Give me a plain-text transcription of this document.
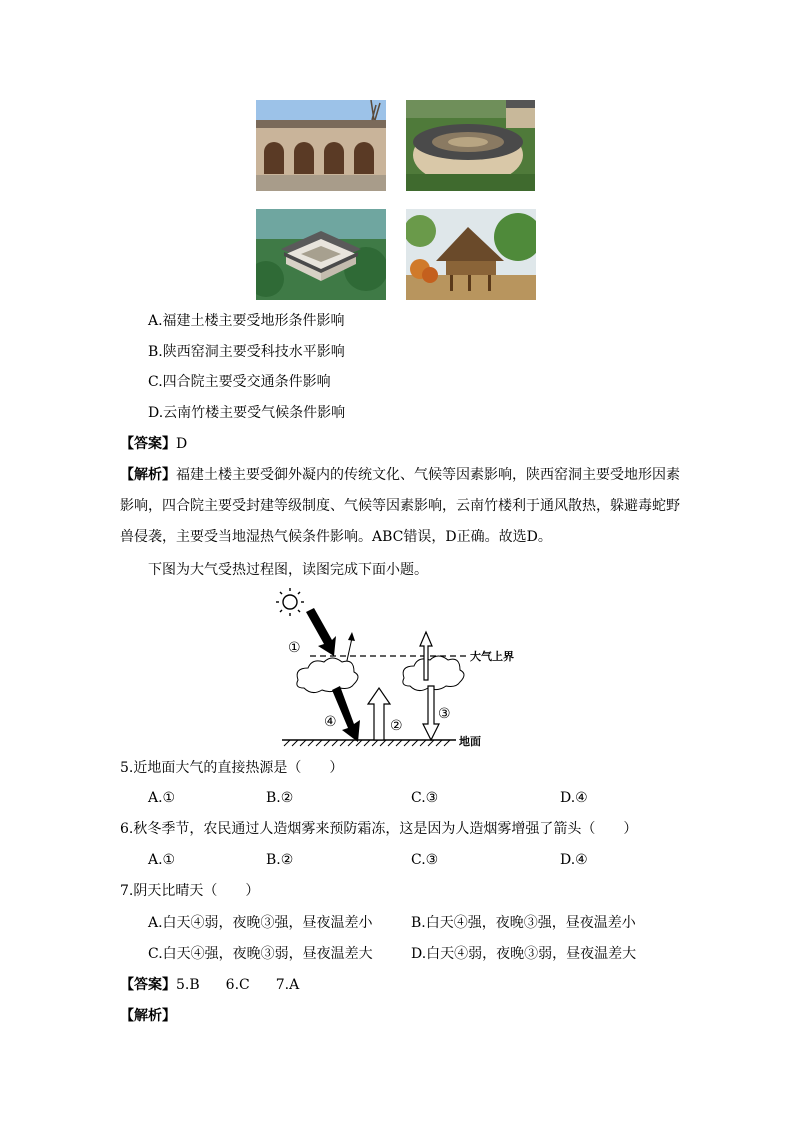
A.福建土楼主要受地形条件影响
B.陕西窑洞主要受科技水平影响
C.四合院主要受交通条件影响
D.云南竹楼主要受气候条件影响
【答案】D
【解析】福建土楼主要受御外凝内的传统文化、气候等因素影响，陕西窑洞主要受地形因素影响，四合院主要受封建等级制度、气候等因素影响，云南竹楼利于通风散热，躲避毒蛇野兽侵袭，主要受当地湿热气候条件影响。ABC错误，D正确。故选D。
下图为大气受热过程图，读图完成下面小题。
①
②
③
④
大气上界
地面
5.近地面大气的直接热源是（　　）
A.①	B.②	C.③	D.④
6.秋冬季节，农民通过人造烟雾来预防霜冻，这是因为人造烟雾增强了箭头（　　）
A.①	B.②	C.③	D.④
7.阴天比晴天（　　）
A.白天④弱，夜晚③强，昼夜温差小	B.白天④强，夜晚③强，昼夜温差小
C.白天④强，夜晚③弱，昼夜温差大	D.白天④弱，夜晚③弱，昼夜温差大
【答案】5.B 6.C 7.A
【解析】
